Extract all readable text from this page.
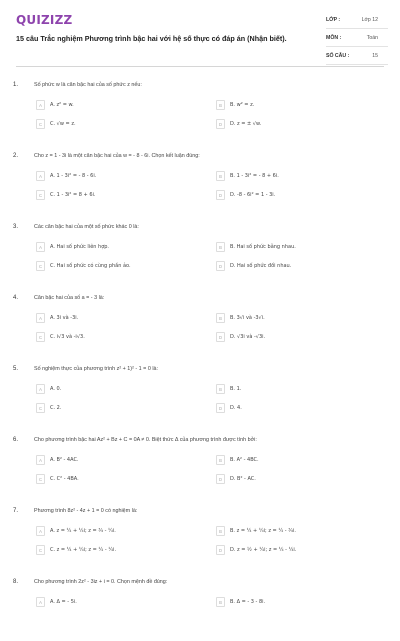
QUIZIZZ
15 câu Trắc nghiệm Phương trình bậc hai với hệ số thực có đáp án (Nhận biết).
LỚP :	Lớp 12
MÔN :	Toán
SỐ CÂU :	15
1.	Số phức w là căn bậc hai của số phức z nếu:
A	A. z² = w.	B	B. w² = z.
C	C. √w = z.	D	D. z = ± √w.
2.	Cho z = 1 - 3i là một căn bậc hai của w = - 8 - 6i. Chọn kết luận đúng:
A	A. 1 - 3i² = - 8 - 6i.	B	B. 1 - 3i² = - 8 + 6i.
C	C. 1 - 3i² = 8 + 6i.	D	D. -8 - 6i² = 1 - 3i.
3.	Các căn bậc hai của một số phức khác 0 là:
A	A. Hai số phức liên hợp.	B	B. Hai số phức bằng nhau.
C	C. Hai số phức có cùng phần ảo.	D	D. Hai số phức đối nhau.
4.	Căn bậc hai của số a = - 3 là:
A	A. 3i và -3i.	B	B. 3√i và -3√i.
C	C. i√3 và -i√3.	D	D. √3i và -√3i.
5.	Số nghiệm thực của phương trình z² + 1)² - 1 = 0 là:
A	A. 0.	B	B. 1.
C	C. 2.	D	D. 4.
6.	Cho phương trình bậc hai Az² + Bz + C = 0A ≠ 0. Biệt thức Δ của phương trình được tính bởi:
A	A. B² - 4AC.	B	B. A² - 4BC.
C	C. C² - 4BA.	D	D. B² - AC.
7.	Phương trình 8z² - 4z + 1 = 0 có nghiệm là:
A	A. z = ¼ + ¼i; z = ¾ - ¼i.	B	B. z = ¼ + ¼i; z = ¼ - ¾i.
C	C. z = ¼ + ¼i; z = ¼ - ¼i.	D	D. z = ½ + ¼i; z = ¼ - ¼i.
8.	Cho phương trình 2z² - 3iz + i = 0. Chọn mệnh đề đúng:
A	A. Δ = - 5i.	B	B. Δ = - 3 - 8i.
